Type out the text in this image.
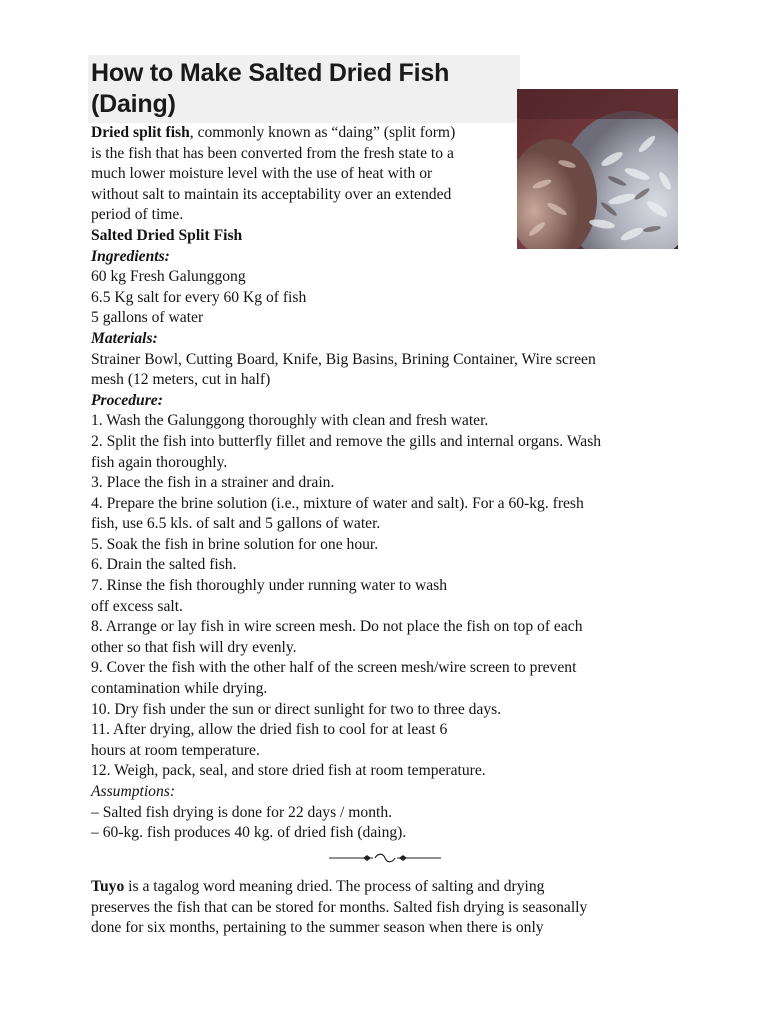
How to Make Salted Dried Fish (Daing)
Dried split fish, commonly known as “daing” (split form)
is the fish that has been converted from the fresh state to a
much lower moisture level with the use of heat with or
without salt to maintain its acceptability over an extended
period of time.
Salted Dried Split Fish
Ingredients:
60 kg Fresh Galunggong
6.5 Kg salt for every 60 Kg of fish
5 gallons of water
Materials:
Strainer Bowl, Cutting Board, Knife, Big Basins, Brining Container, Wire screen
mesh (12 meters, cut in half)
Procedure:
1. Wash the Galunggong thoroughly with clean and fresh water.
2. Split the fish into butterfly fillet and remove the gills and internal organs. Wash
fish again thoroughly.
3. Place the fish in a strainer and drain.
4. Prepare the brine solution (i.e., mixture of water and salt). For a 60-kg. fresh
fish, use 6.5 kls. of salt and 5 gallons of water.
5. Soak the fish in brine solution for one hour.
6. Drain the salted fish.
7. Rinse the fish thoroughly under running water to wash
off excess salt.
8. Arrange or lay fish in wire screen mesh. Do not place the fish on top of each
other so that fish will dry evenly.
9. Cover the fish with the other half of the screen mesh/wire screen to prevent
contamination while drying.
10. Dry fish under the sun or direct sunlight for two to three days.
11. After drying, allow the dried fish to cool for at least 6
hours at room temperature.
12. Weigh, pack, seal, and store dried fish at room temperature.
Assumptions:
– Salted fish drying is done for 22 days / month.
– 60-kg. fish produces 40 kg. of dried fish (daing).
Tuyo is a tagalog word meaning dried. The process of salting and drying
preserves the fish that can be stored for months. Salted fish drying is seasonally
done for six months, pertaining to the summer season when there is only
